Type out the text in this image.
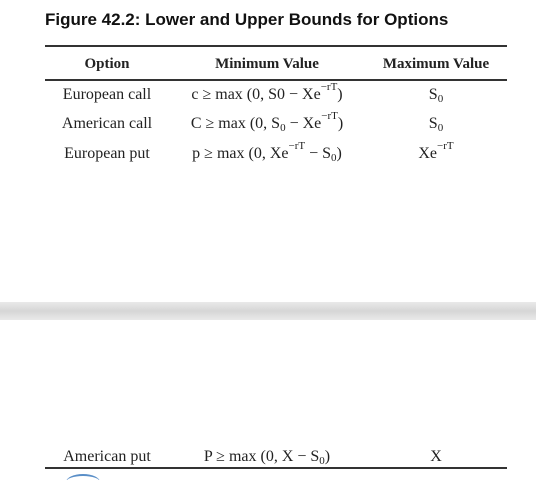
Figure 42.2: Lower and Upper Bounds for Options
Option	Minimum Value	Maximum Value
European call	c ≥ max (0, $S0 - Xe^{-rT}$)	$S_0$
American call	C ≥ max (0, $S_0 - Xe^{-rT}$)	$S_0$
European put	p ≥ max (0, $Xe^{-rT} - S_0$)	$Xe^{-rT}$
American put	P ≥ max (0, $X - S_0$)	X
